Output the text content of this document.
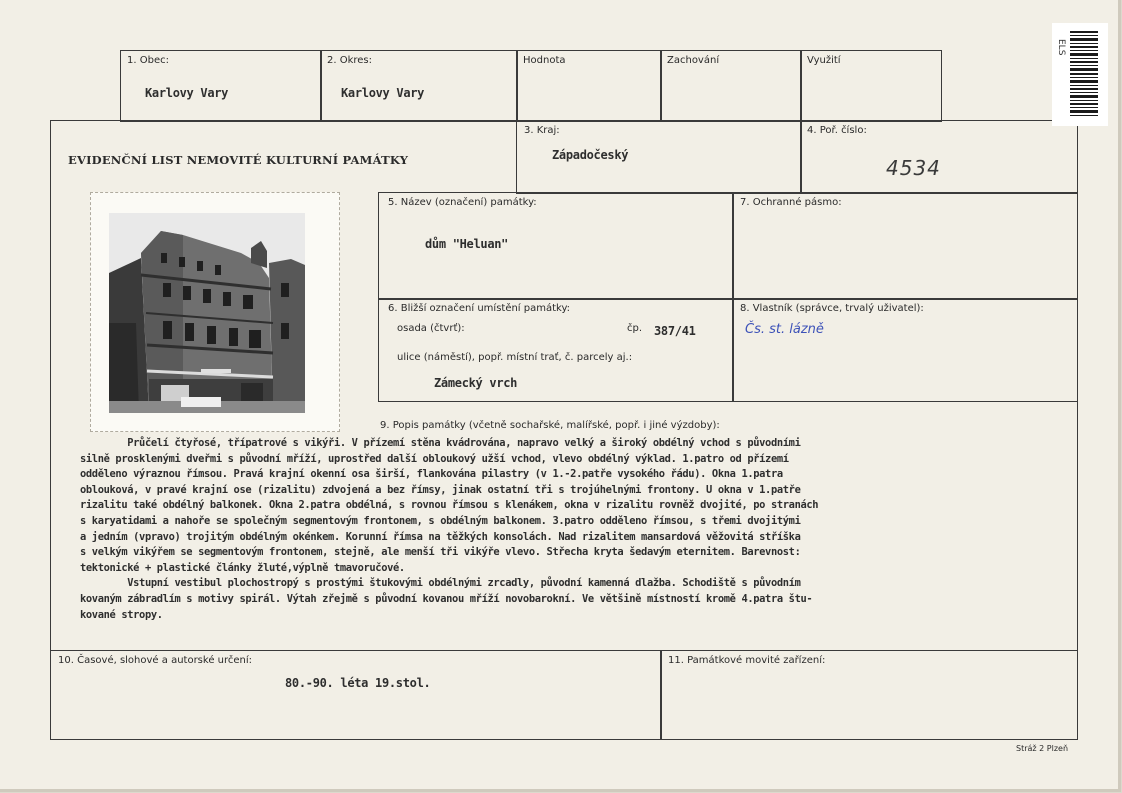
1. Obec:
Karlovy Vary
2. Okres:
Karlovy Vary
Hodnota	Zachování	Využití
EVIDENČNÍ LIST NEMOVITÉ KULTURNÍ PAMÁTKY
3. Kraj:
Západočeský
4. Poř. číslo:
4534
5. Název (označení) památky:
dům "Heluan"
7. Ochranné pásmo:
6. Bližší označení umístění památky:
osada (čtvrť):	čp. 387/41
ulice (náměstí), popř. místní trať, č. parcely aj.:
Zámecký vrch
8. Vlastník (správce, trvalý uživatel):
Čs. st. lázně
9. Popis památky (včetně sochařské, malířské, popř. i jiné výzdoby):
Průčelí čtyřosé, třípatrové s vikýři. V přízemí stěna kvádrována, napravo velký a široký obdélný vchod s původními
silně prosklenými dveřmi s původní mříží, uprostřed další obloukový užší vchod, vlevo obdélný výklad. 1.patro od přízemí
odděleno výraznou římsou. Pravá krajní okenní osa širší, flankována pilastry (v 1.-2.patře vysokého řádu). Okna 1.patra
oblouková, v pravé krajní ose (rizalitu) zdvojená a bez římsy, jinak ostatní tři s trojúhelnými frontony. U okna v 1.patře
rizalitu také obdélný balkonek. Okna 2.patra obdélná, s rovnou římsou s klenákem, okna v rizalitu rovněž dvojité, po stranách
s karyatidami a nahoře se společným segmentovým frontonem, s obdélným balkonem. 3.patro odděleno římsou, s třemi dvojitými
a jedním (vpravo) trojitým obdélným okénkem. Korunní římsa na těžkých konsolách. Nad rizalitem mansardová věžovitá stříška
s velkým vikýřem se segmentovým frontonem, stejně, ale menší tři vikýře vlevo. Střecha kryta šedavým eternitem. Barevnost:
tektonické + plastické články žluté,výplně tmavoručové.
Vstupní vestibul plochostropý s prostými štukovými obdélnými zrcadly, původní kamenná dlažba. Schodiště s původním
kovaným zábradlím s motivy spirál. Výtah zřejmě s původní kovanou mříží novobarokní. Ve většině místností kromě 4.patra štu-
kované stropy.
10. Časové, slohové a autorské určení:
80.-90. léta 19.stol.
11. Památkové movité zařízení:
Stráž 2 Plzeň
ELS
